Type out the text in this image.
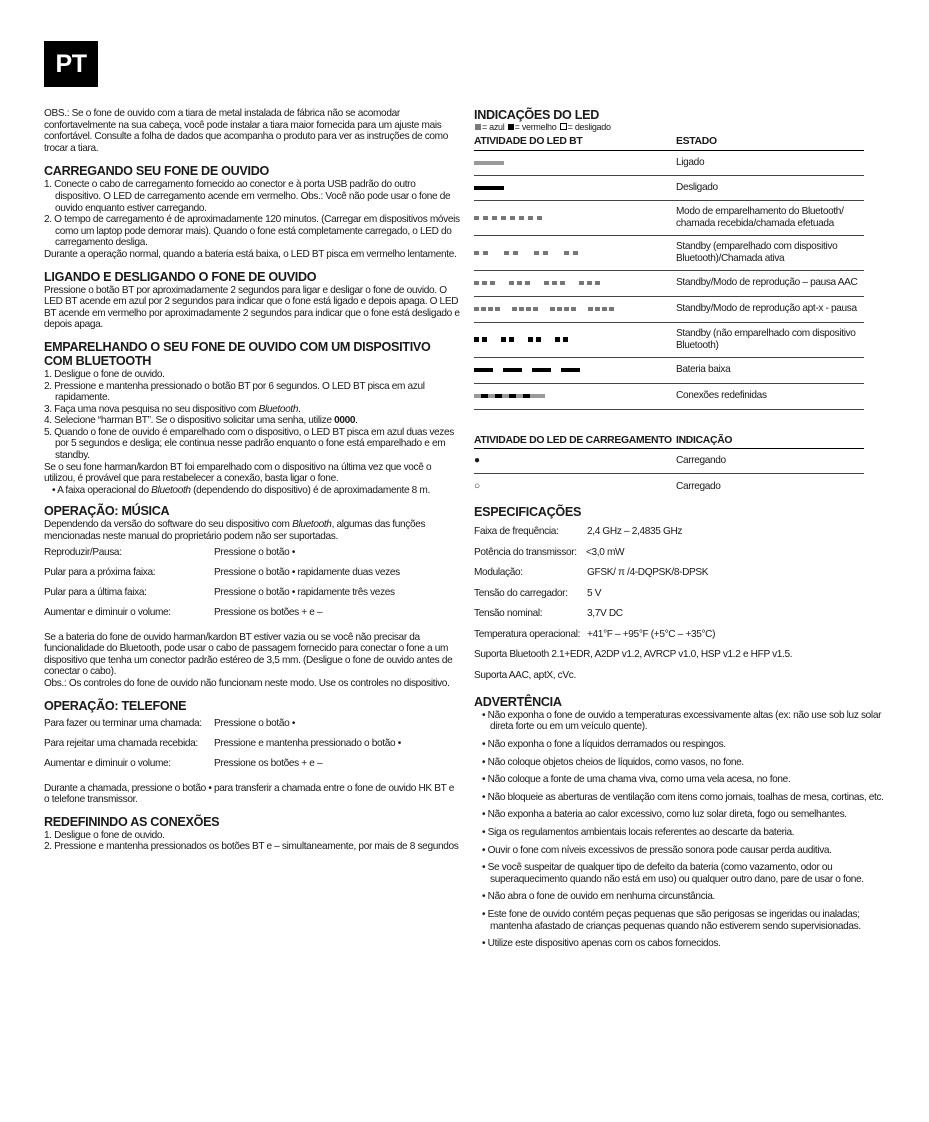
PT

OBS.: Se o fone de ouvido com a tiara de metal instalada de fábrica não se acomodar confortavelmente na sua cabeça, você pode instalar a tiara maior fornecida para um ajuste mais confortável. Consulte a folha de dados que acompanha o produto para ver as instruções de como trocar a tiara.

CARREGANDO SEU FONE DE OUVIDO

1. Conecte o cabo de carregamento fornecido ao conector e à porta USB padrão do outro dispositivo. O LED de carregamento acende em vermelho. Obs.: Você não pode usar o fone de ouvido enquanto estiver carregando.

2. O tempo de carregamento é de aproximadamente 120 minutos. (Carregar em dispositivos móveis como um laptop pode demorar mais). Quando o fone está completamente carregado, o LED do carregamento desliga.

Durante a operação normal, quando a bateria está baixa, o LED BT pisca em vermelho lentamente.

LIGANDO E DESLIGANDO O FONE DE OUVIDO

Pressione o botão BT por aproximadamente 2 segundos para ligar e desligar o fone de ouvido. O LED BT acende em azul por 2 segundos para indicar que o fone está ligado e depois apaga. O LED BT acende em vermelho por aproximadamente 2 segundos para indicar que o fone está desligado e depois apaga.

EMPARELHANDO O SEU FONE DE OUVIDO COM UM DISPOSITIVO COM BLUETOOTH

1. Desligue o fone de ouvido.

2. Pressione e mantenha pressionado o botão BT por 6 segundos. O LED BT pisca em azul rapidamente.

3. Faça uma nova pesquisa no seu dispositivo com Bluetooth.

4. Selecione “harman BT”. Se o dispositivo solicitar uma senha, utilize 0000.

5. Quando o fone de ouvido é emparelhado com o dispositivo, o LED BT pisca em azul duas vezes por 5 segundos e desliga; ele continua nesse padrão enquanto o fone está emparelhado e em standby.

Se o seu fone harman/kardon BT foi emparelhado com o dispositivo na última vez que você o utilizou, é provável que para restabelecer a conexão, basta ligar o fone.

• A faixa operacional do Bluetooth (dependendo do dispositivo) é de aproximadamente 8 m.

OPERAÇÃO: MÚSICA

Dependendo da versão do software do seu dispositivo com Bluetooth, algumas das funções mencionadas neste manual do proprietário podem não ser suportadas.

Reproduzir/Pausa:	Pressione o botão •
Pular para a próxima faixa:	Pressione o botão • rapidamente duas vezes
Pular para a última faixa:	Pressione o botão • rapidamente três vezes
Aumentar e diminuir o volume:	Pressione os botões + e –

Se a bateria do fone de ouvido harman/kardon BT estiver vazia ou se você não precisar da funcionalidade do Bluetooth, pode usar o cabo de passagem fornecido para conectar o fone a um dispositivo que tenha um conector padrão estéreo de 3,5 mm. (Desligue o fone de ouvido antes de conectar o cabo).

Obs.: Os controles do fone de ouvido não funcionam neste modo. Use os controles no dispositivo.

OPERAÇÃO: TELEFONE
Para fazer ou terminar uma chamada:	Pressione o botão •
Para rejeitar uma chamada recebida:	Pressione e mantenha pressionado o botão •
Aumentar e diminuir o volume:	Pressione os botões + e –

Durante a chamada, pressione o botão • para transferir a chamada entre o fone de ouvido HK BT e o telefone transmissor.

REDEFININDO AS CONEXÕES

1. Desligue o fone de ouvido.

2. Pressione e mantenha pressionados os botões BT e – simultaneamente, por mais de 8 segundos

INDICAÇÕES DO LED
= azul = vermelho = desligado
ATIVIDADE DO LED BT	ESTADO

	Ligado

	Desligado

	Modo de emparelhamento do Bluetooth/ chamada recebida/chamada efetuada

	Standby (emparelhado com dispositivo Bluetooth)/Chamada ativa

	Standby/Modo de reprodução – pausa AAC

	Standby/Modo de reprodução apt-x - pausa

	Standby (não emparelhado com dispositivo Bluetooth)

	Bateria baixa

	Conexões redefinidas
ATIVIDADE DO LED DE CARREGAMENTO	INDICAÇÃO
●	Carregando
○	Carregado
ESPECIFICAÇÕES
Faixa de frequência:	2,4 GHz – 2,4835 GHz
Potência do transmissor: <3,0 mW
Modulação:	GFSK/ π /4-DQPSK/8-DPSK
Tensão do carregador:	5 V
Tensão nominal:	3,7V DC
Temperatura operacional: +41°F – +95°F (+5°C – +35°C)
Suporta Bluetooth 2.1+EDR, A2DP v1.2, AVRCP v1.0, HSP v1.2 e HFP v1.5.
Suporta AAC, aptX, cVc.
ADVERTÊNCIA
• Não exponha o fone de ouvido a temperaturas excessivamente altas (ex: não use sob luz solar direta forte ou em um veículo quente).
• Não exponha o fone a líquidos derramados ou respingos.
• Não coloque objetos cheios de líquidos, como vasos, no fone.
• Não coloque a fonte de uma chama viva, como uma vela acesa, no fone.
• Não bloqueie as aberturas de ventilação com itens como jornais, toalhas de mesa, cortinas, etc.
• Não exponha a bateria ao calor excessivo, como luz solar direta, fogo ou semelhantes.
• Siga os regulamentos ambientais locais referentes ao descarte da bateria.
• Ouvir o fone com níveis excessivos de pressão sonora pode causar perda auditiva.
• Se você suspeitar de qualquer tipo de defeito da bateria (como vazamento, odor ou superaquecimento quando não está em uso) ou qualquer outro dano, pare de usar o fone.
• Não abra o fone de ouvido em nenhuma circunstância.
• Este fone de ouvido contém peças pequenas que são perigosas se ingeridas ou inaladas; mantenha afastado de crianças pequenas quando não estiverem sendo supervisionadas.
• Utilize este dispositivo apenas com os cabos fornecidos.
